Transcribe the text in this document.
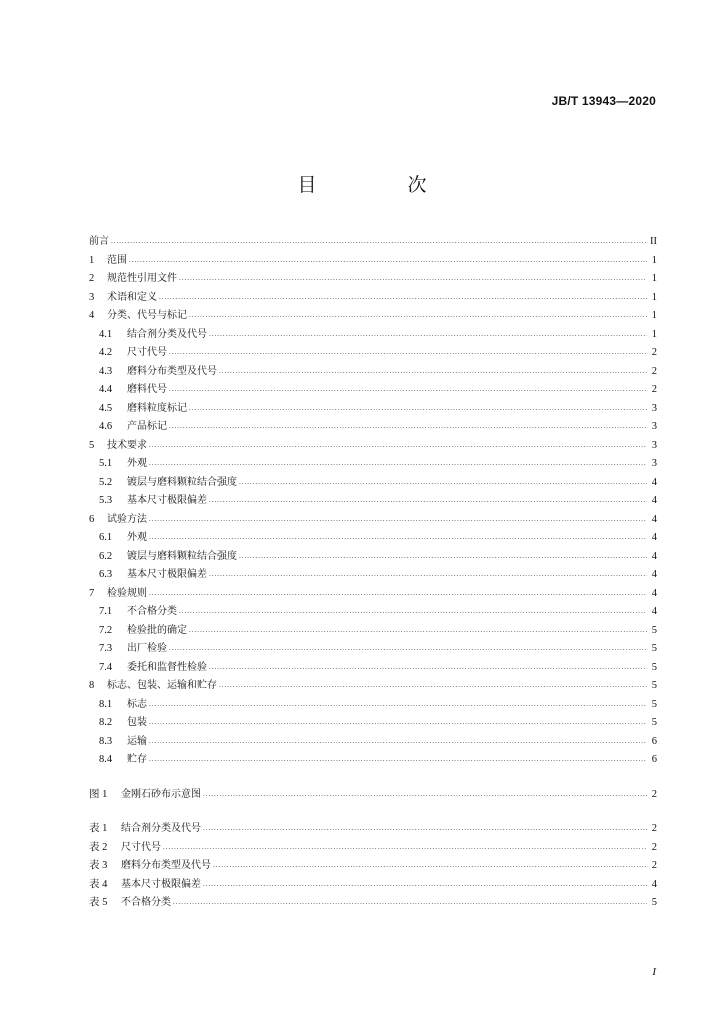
JB/T 13943—2020
目　次
前言 .....	II
1	范围 .....	1
2	规范性引用文件 .....	1
3	术语和定义 .....	1
4	分类、代号与标记 .....	1
4.1	结合剂分类及代号 .....	1
4.2	尺寸代号 .....	2
4.3	磨料分布类型及代号 .....	2
4.4	磨料代号 .....	2
4.5	磨料粒度标记 .....	3
4.6	产品标记 .....	3
5	技术要求 .....	3
5.1	外观 .....	3
5.2	镀层与磨料颗粒结合强度 .....	4
5.3	基本尺寸极限偏差 .....	4
6	试验方法 .....	4
6.1	外观 .....	4
6.2	镀层与磨料颗粒结合强度 .....	4
6.3	基本尺寸极限偏差 .....	4
7	检验规则 .....	4
7.1	不合格分类 .....	4
7.2	检验批的确定 .....	5
7.3	出厂检验 .....	5
7.4	委托和监督性检验 .....	5
8	标志、包装、运输和贮存 .....	5
8.1	标志 .....	5
8.2	包装 .....	5
8.3	运输 .....	6
8.4	贮存 .....	6
图 1	金刚石砂布示意图 .....	2
表 1	结合剂分类及代号 .....	2
表 2	尺寸代号 .....	2
表 3	磨料分布类型及代号 .....	2
表 4	基本尺寸极限偏差 .....	4
表 5	不合格分类 .....	5
I
